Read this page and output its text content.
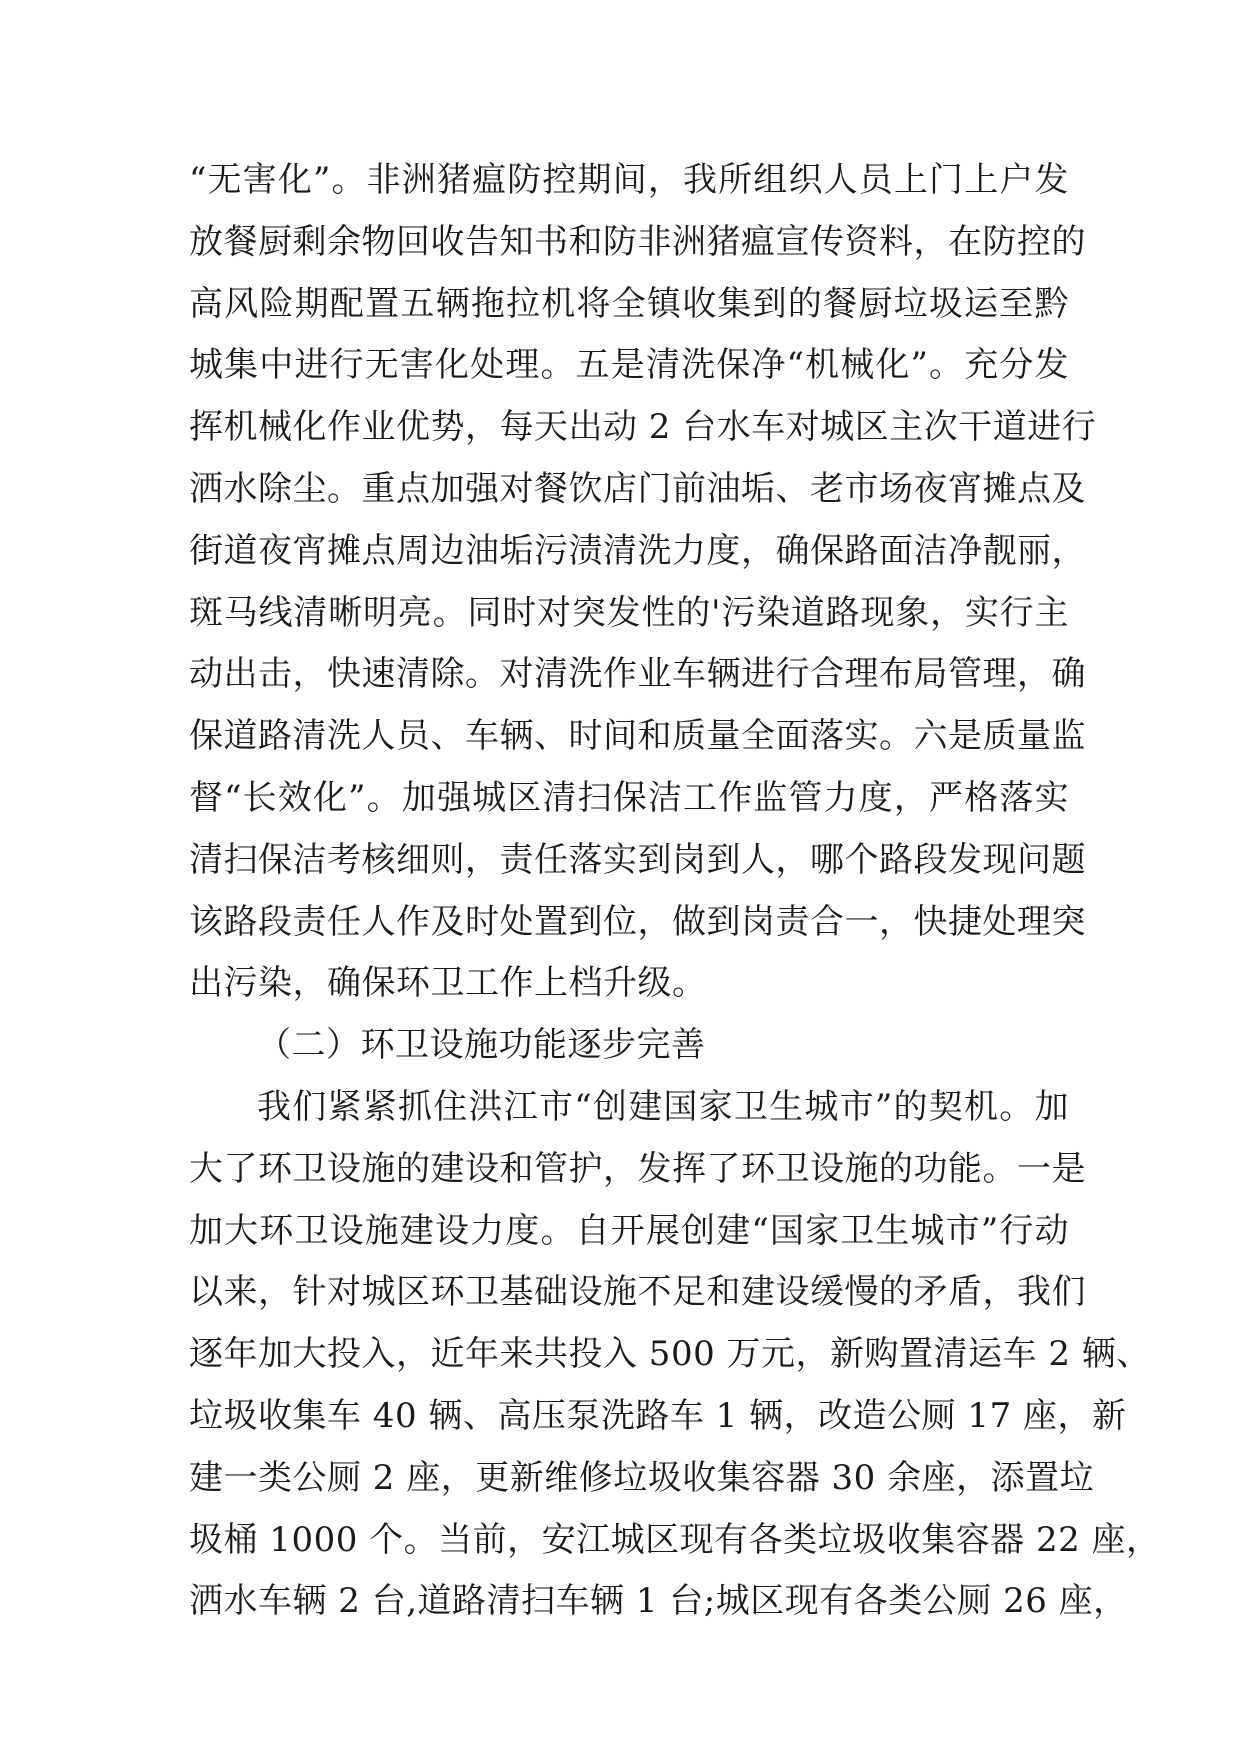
“无害化”。非洲猪瘟防控期间，我所组织人员上门上户发
放餐厨剩余物回收告知书和防非洲猪瘟宣传资料，在防控的
高风险期配置五辆拖拉机将全镇收集到的餐厨垃圾运至黔
城集中进行无害化处理。五是清洗保净“机械化”。充分发
挥机械化作业优势，每天出动 2 台水车对城区主次干道进行
洒水除尘。重点加强对餐饮店门前油垢、老市场夜宵摊点及
街道夜宵摊点周边油垢污渍清洗力度，确保路面洁净靓丽，
斑马线清晰明亮。同时对突发性的'污染道路现象，实行主
动出击，快速清除。对清洗作业车辆进行合理布局管理，确
保道路清洗人员、车辆、时间和质量全面落实。六是质量监
督“长效化”。加强城区清扫保洁工作监管力度，严格落实
清扫保洁考核细则，责任落实到岗到人，哪个路段发现问题
该路段责任人作及时处置到位，做到岗责合一，快捷处理突
出污染，确保环卫工作上档升级。
（二）环卫设施功能逐步完善
我们紧紧抓住洪江市“创建国家卫生城市”的契机。加
大了环卫设施的建设和管护，发挥了环卫设施的功能。一是
加大环卫设施建设力度。自开展创建“国家卫生城市”行动
以来，针对城区环卫基础设施不足和建设缓慢的矛盾，我们
逐年加大投入，近年来共投入 500 万元，新购置清运车 2 辆、
垃圾收集车 40 辆、高压泵洗路车 1 辆，改造公厕 17 座，新
建一类公厕 2 座，更新维修垃圾收集容器 30 余座，添置垃
圾桶 1000 个。当前，安江城区现有各类垃圾收集容器 22 座，
洒水车辆 2 台,道路清扫车辆 1 台;城区现有各类公厕 26 座，
